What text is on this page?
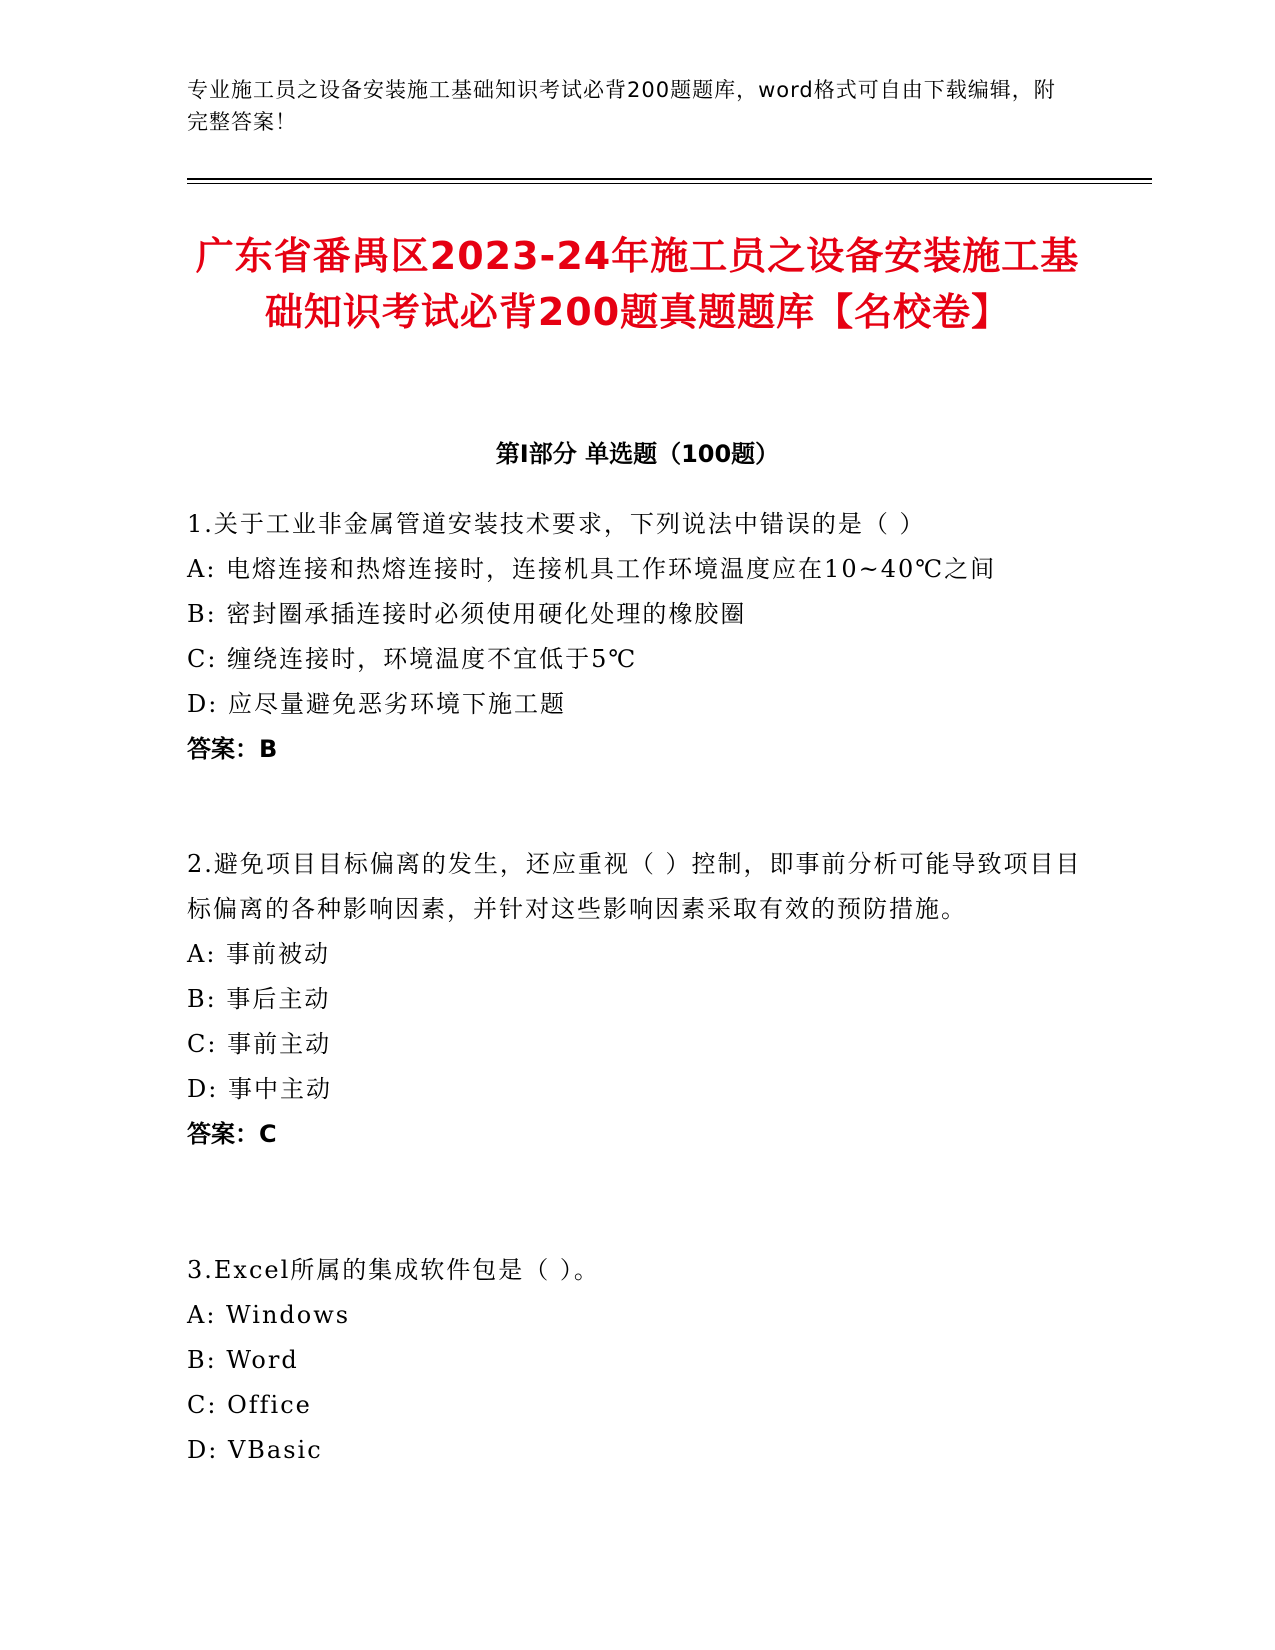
专业施工员之设备安装施工基础知识考试必背200题题库，word格式可自由下载编辑，附完整答案！
广东省番禺区2023-24年施工员之设备安装施工基础知识考试必背200题真题题库【名校卷】
第I部分 单选题（100题）
1.关于工业非金属管道安装技术要求，下列说法中错误的是（ ）
A: 电熔连接和热熔连接时，连接机具工作环境温度应在10~40℃之间
B: 密封圈承插连接时必须使用硬化处理的橡胶圈
C: 缠绕连接时，环境温度不宜低于5℃
D: 应尽量避免恶劣环境下施工题
答案：B
2.避免项目目标偏离的发生，还应重视（ ）控制，即事前分析可能导致项目目标偏离的各种影响因素，并针对这些影响因素采取有效的预防措施。
A: 事前被动
B: 事后主动
C: 事前主动
D: 事中主动
答案：C
3.Excel所属的集成软件包是（ ）。
A: Windows
B: Word
C: Office
D: VBasic
